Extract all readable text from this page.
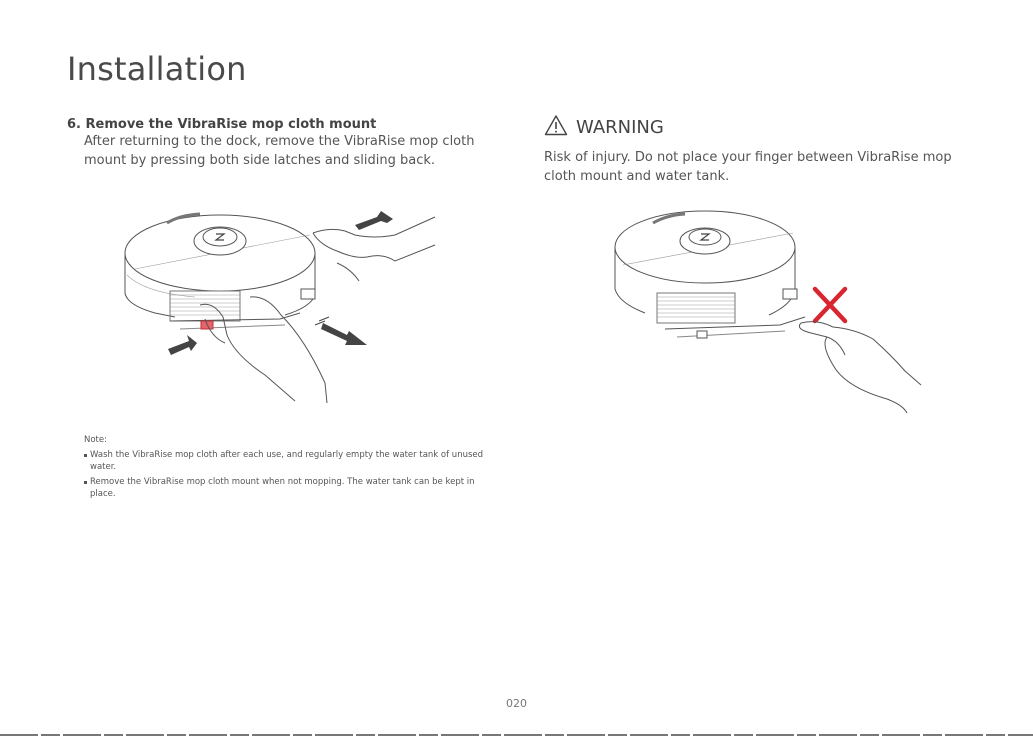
Installation
6. Remove the VibraRise mop cloth mount
After returning to the dock, remove the VibraRise mop cloth mount by pressing both side latches and sliding back.
WARNING
Risk of injury. Do not place your finger between VibraRise mop cloth mount and water tank.
Note:
Wash the VibraRise mop cloth after each use, and regularly empty the water tank of unused water.
Remove the VibraRise mop cloth mount when not mopping. The water tank can be kept in place.
020
